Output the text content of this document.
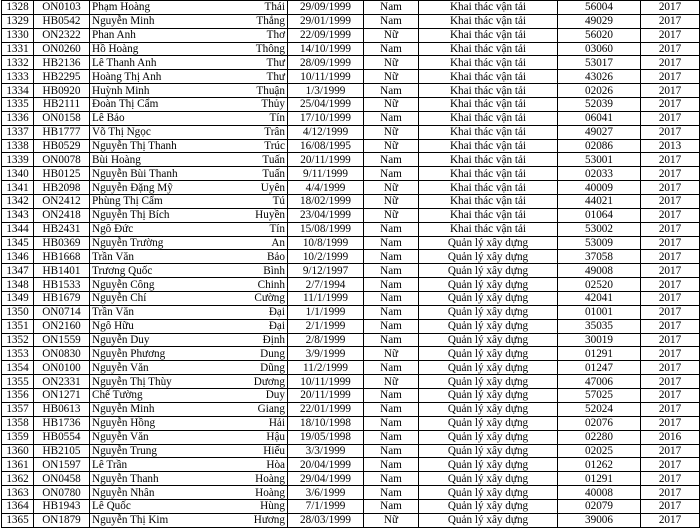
1328	ON0103	Phạm Hoàng	Thái	29/09/1999	Nam	Khai thác vận tải	56004	2017
1329	HB0542	Nguyễn Minh	Thắng	29/01/1999	Nam	Khai thác vận tải	49029	2017
1330	ON2322	Phan Anh	Thơ	22/09/1999	Nữ	Khai thác vận tải	56020	2017
1331	ON0260	Hồ Hoàng	Thông	14/10/1999	Nam	Khai thác vận tải	03060	2017
1332	HB2136	Lê Thanh Anh	Thư	28/09/1999	Nữ	Khai thác vận tải	53017	2017
1333	HB2295	Hoàng Thị Anh	Thư	10/11/1999	Nữ	Khai thác vận tải	43026	2017
1334	HB0920	Huỳnh Minh	Thuận	1/3/1999	Nam	Khai thác vận tải	02026	2017
1335	HB2111	Đoàn Thị Cẩm	Thủy	25/04/1999	Nữ	Khai thác vận tải	52039	2017
1336	ON0158	Lê Bảo	Tín	17/10/1999	Nam	Khai thác vận tải	06041	2017
1337	HB1777	Võ Thị Ngọc	Trân	4/12/1999	Nữ	Khai thác vận tải	49027	2017
1338	HB0529	Nguyễn Thị Thanh	Trúc	16/08/1995	Nữ	Khai thác vận tải	02086	2013
1339	ON0078	Bùi Hoàng	Tuấn	20/11/1999	Nam	Khai thác vận tải	53001	2017
1340	HB0125	Nguyễn Bùi Thanh	Tuấn	9/11/1999	Nam	Khai thác vận tải	02033	2017
1341	HB2098	Nguyễn Đặng Mỹ	Uyên	4/4/1999	Nữ	Khai thác vận tải	40009	2017
1342	ON2412	Phùng Thị Cẩm	Tú	18/02/1999	Nữ	Khai thác vận tải	44021	2017
1343	ON2418	Nguyễn Thị Bích	Huyền	23/04/1999	Nữ	Khai thác vận tải	01064	2017
1344	HB2431	Ngô Đức	Tín	15/08/1999	Nam	Khai thác vận tải	53002	2017
1345	HB0369	Nguyễn Trường	An	10/8/1999	Nam	Quản lý xây dựng	53009	2017
1346	HB1668	Trần Văn	Bảo	10/2/1999	Nam	Quản lý xây dựng	37058	2017
1347	HB1401	Trương Quốc	Bình	9/12/1997	Nam	Quản lý xây dựng	49008	2017
1348	HB1533	Nguyễn Công	Chinh	2/7/1994	Nam	Quản lý xây dựng	02520	2017
1349	HB1679	Nguyễn Chí	Cường	11/1/1999	Nam	Quản lý xây dựng	42041	2017
1350	ON0714	Trần Văn	Đại	1/1/1999	Nam	Quản lý xây dựng	01001	2017
1351	ON2160	Ngô Hữu	Đại	2/1/1999	Nam	Quản lý xây dựng	35035	2017
1352	ON1559	Nguyễn Duy	Định	2/8/1999	Nam	Quản lý xây dựng	30019	2017
1353	ON0830	Nguyễn Phương	Dung	3/9/1999	Nữ	Quản lý xây dựng	01291	2017
1354	ON0100	Nguyễn Văn	Dũng	11/2/1999	Nam	Quản lý xây dựng	01247	2017
1355	ON2331	Nguyễn Thị Thùy	Dương	10/11/1999	Nữ	Quản lý xây dựng	47006	2017
1356	ON1271	Chế Tường	Duy	20/11/1999	Nam	Quản lý xây dựng	57025	2017
1357	HB0613	Nguyễn Minh	Giang	22/01/1999	Nam	Quản lý xây dựng	52024	2017
1358	HB1736	Nguyễn Hồng	Hải	18/10/1998	Nam	Quản lý xây dựng	02076	2017
1359	HB0554	Nguyễn Văn	Hậu	19/05/1998	Nam	Quản lý xây dựng	02280	2016
1360	HB2105	Nguyễn Trung	Hiếu	3/3/1999	Nam	Quản lý xây dựng	02025	2017
1361	ON1597	Lê Trần	Hòa	20/04/1999	Nam	Quản lý xây dựng	01262	2017
1362	ON0458	Nguyễn Thanh	Hoàng	29/04/1999	Nam	Quản lý xây dựng	01291	2017
1363	ON0780	Nguyễn Nhân	Hoàng	3/6/1999	Nam	Quản lý xây dựng	40008	2017
1364	HB1943	Lê Quốc	Hùng	7/1/1999	Nam	Quản lý xây dựng	02079	2017
1365	ON1879	Nguyễn Thị Kim	Hương	28/03/1999	Nữ	Quản lý xây dựng	39006	2017
